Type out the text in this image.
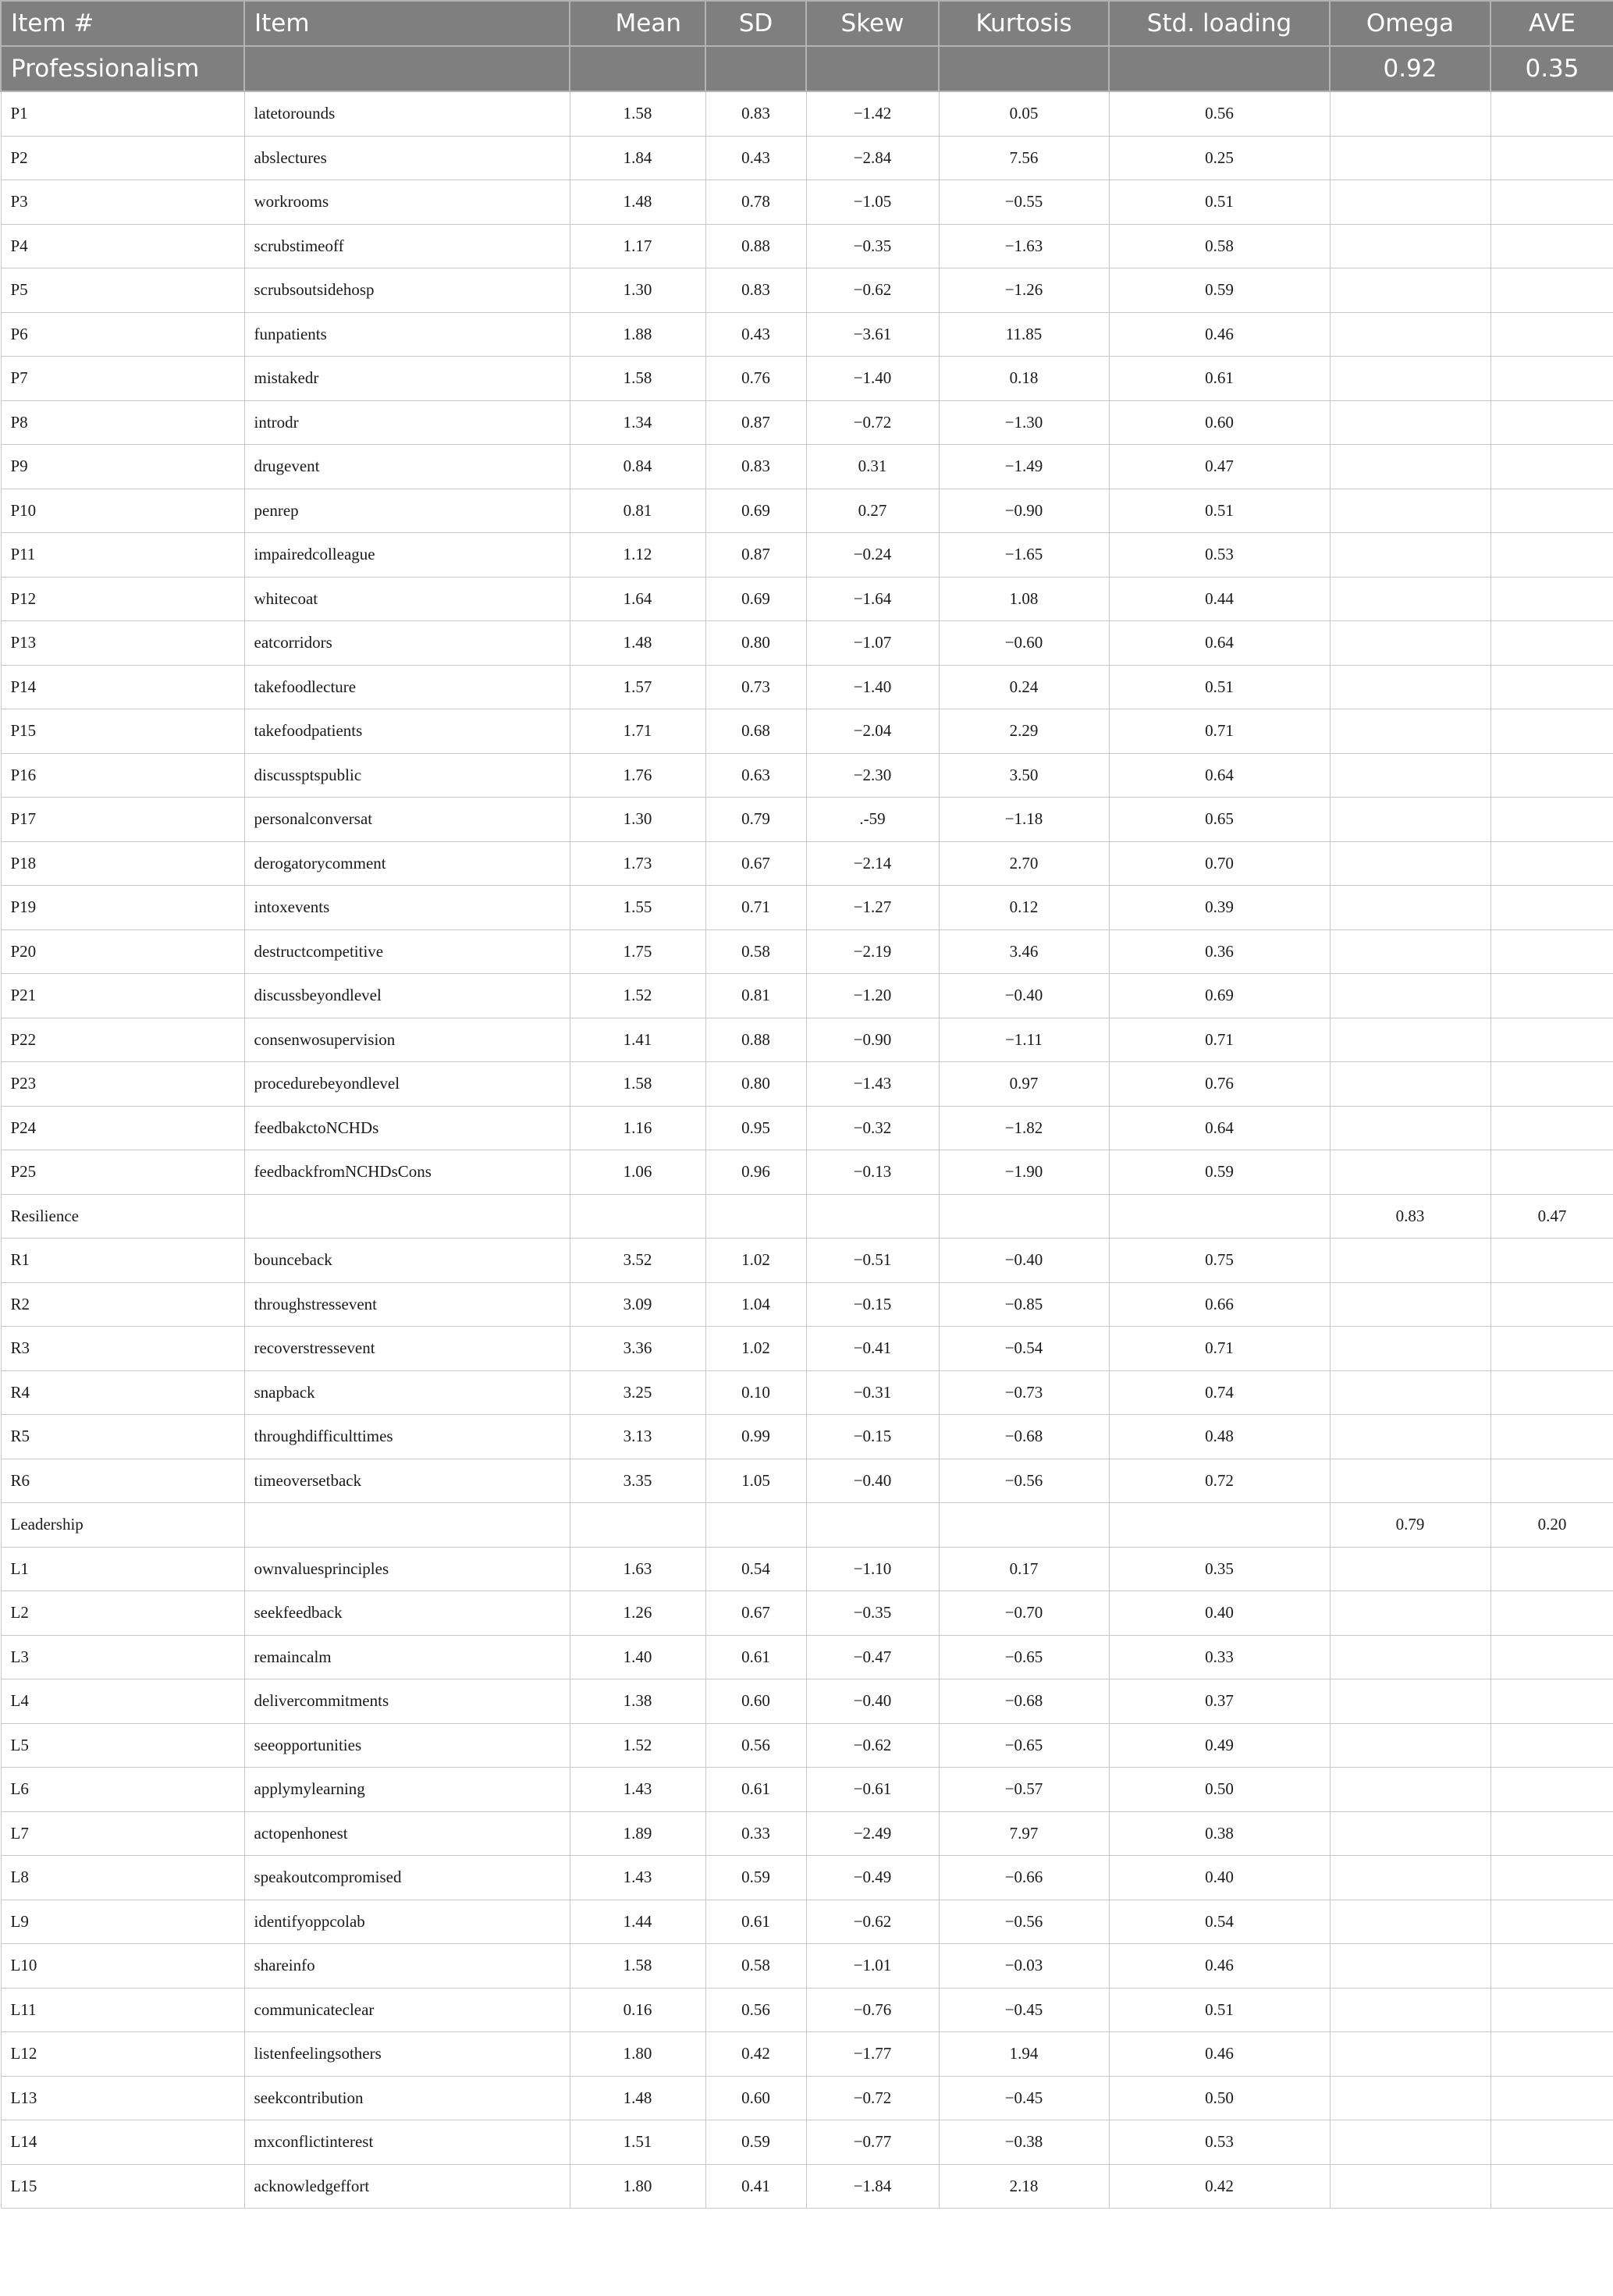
Item #	Item	Mean	SD	Skew	Kurtosis	Std. loading	Omega	AVE
Professionalism							0.92	0.35
P1	latetorounds	1.58	0.83	−1.42	0.05	0.56		
P2	abslectures	1.84	0.43	−2.84	7.56	0.25		
P3	workrooms	1.48	0.78	−1.05	−0.55	0.51		
P4	scrubstimeoff	1.17	0.88	−0.35	−1.63	0.58		
P5	scrubsoutsidehosp	1.30	0.83	−0.62	−1.26	0.59		
P6	funpatients	1.88	0.43	−3.61	11.85	0.46		
P7	mistakedr	1.58	0.76	−1.40	0.18	0.61		
P8	introdr	1.34	0.87	−0.72	−1.30	0.60		
P9	drugevent	0.84	0.83	0.31	−1.49	0.47		
P10	penrep	0.81	0.69	0.27	−0.90	0.51		
P11	impairedcolleague	1.12	0.87	−0.24	−1.65	0.53		
P12	whitecoat	1.64	0.69	−1.64	1.08	0.44		
P13	eatcorridors	1.48	0.80	−1.07	−0.60	0.64		
P14	takefoodlecture	1.57	0.73	−1.40	0.24	0.51		
P15	takefoodpatients	1.71	0.68	−2.04	2.29	0.71		
P16	discussptspublic	1.76	0.63	−2.30	3.50	0.64		
P17	personalconversat	1.30	0.79	.-59	−1.18	0.65		
P18	derogatorycomment	1.73	0.67	−2.14	2.70	0.70		
P19	intoxevents	1.55	0.71	−1.27	0.12	0.39		
P20	destructcompetitive	1.75	0.58	−2.19	3.46	0.36		
P21	discussbeyondlevel	1.52	0.81	−1.20	−0.40	0.69		
P22	consenwosupervision	1.41	0.88	−0.90	−1.11	0.71		
P23	procedurebeyondlevel	1.58	0.80	−1.43	0.97	0.76		
P24	feedbakctoNCHDs	1.16	0.95	−0.32	−1.82	0.64		
P25	feedbackfromNCHDsCons	1.06	0.96	−0.13	−1.90	0.59		
Resilience							0.83	0.47
R1	bounceback	3.52	1.02	−0.51	−0.40	0.75		
R2	throughstressevent	3.09	1.04	−0.15	−0.85	0.66		
R3	recoverstressevent	3.36	1.02	−0.41	−0.54	0.71		
R4	snapback	3.25	0.10	−0.31	−0.73	0.74		
R5	throughdifficulttimes	3.13	0.99	−0.15	−0.68	0.48		
R6	timeoversetback	3.35	1.05	−0.40	−0.56	0.72		
Leadership							0.79	0.20
L1	ownvaluesprinciples	1.63	0.54	−1.10	0.17	0.35		
L2	seekfeedback	1.26	0.67	−0.35	−0.70	0.40		
L3	remaincalm	1.40	0.61	−0.47	−0.65	0.33		
L4	delivercommitments	1.38	0.60	−0.40	−0.68	0.37		
L5	seeopportunities	1.52	0.56	−0.62	−0.65	0.49		
L6	applymylearning	1.43	0.61	−0.61	−0.57	0.50		
L7	actopenhonest	1.89	0.33	−2.49	7.97	0.38		
L8	speakoutcompromised	1.43	0.59	−0.49	−0.66	0.40		
L9	identifyoppcolab	1.44	0.61	−0.62	−0.56	0.54		
L10	shareinfo	1.58	0.58	−1.01	−0.03	0.46		
L11	communicateclear	0.16	0.56	−0.76	−0.45	0.51		
L12	listenfeelingsothers	1.80	0.42	−1.77	1.94	0.46		
L13	seekcontribution	1.48	0.60	−0.72	−0.45	0.50		
L14	mxconflictinterest	1.51	0.59	−0.77	−0.38	0.53		
L15	acknowledgeffort	1.80	0.41	−1.84	2.18	0.42		
